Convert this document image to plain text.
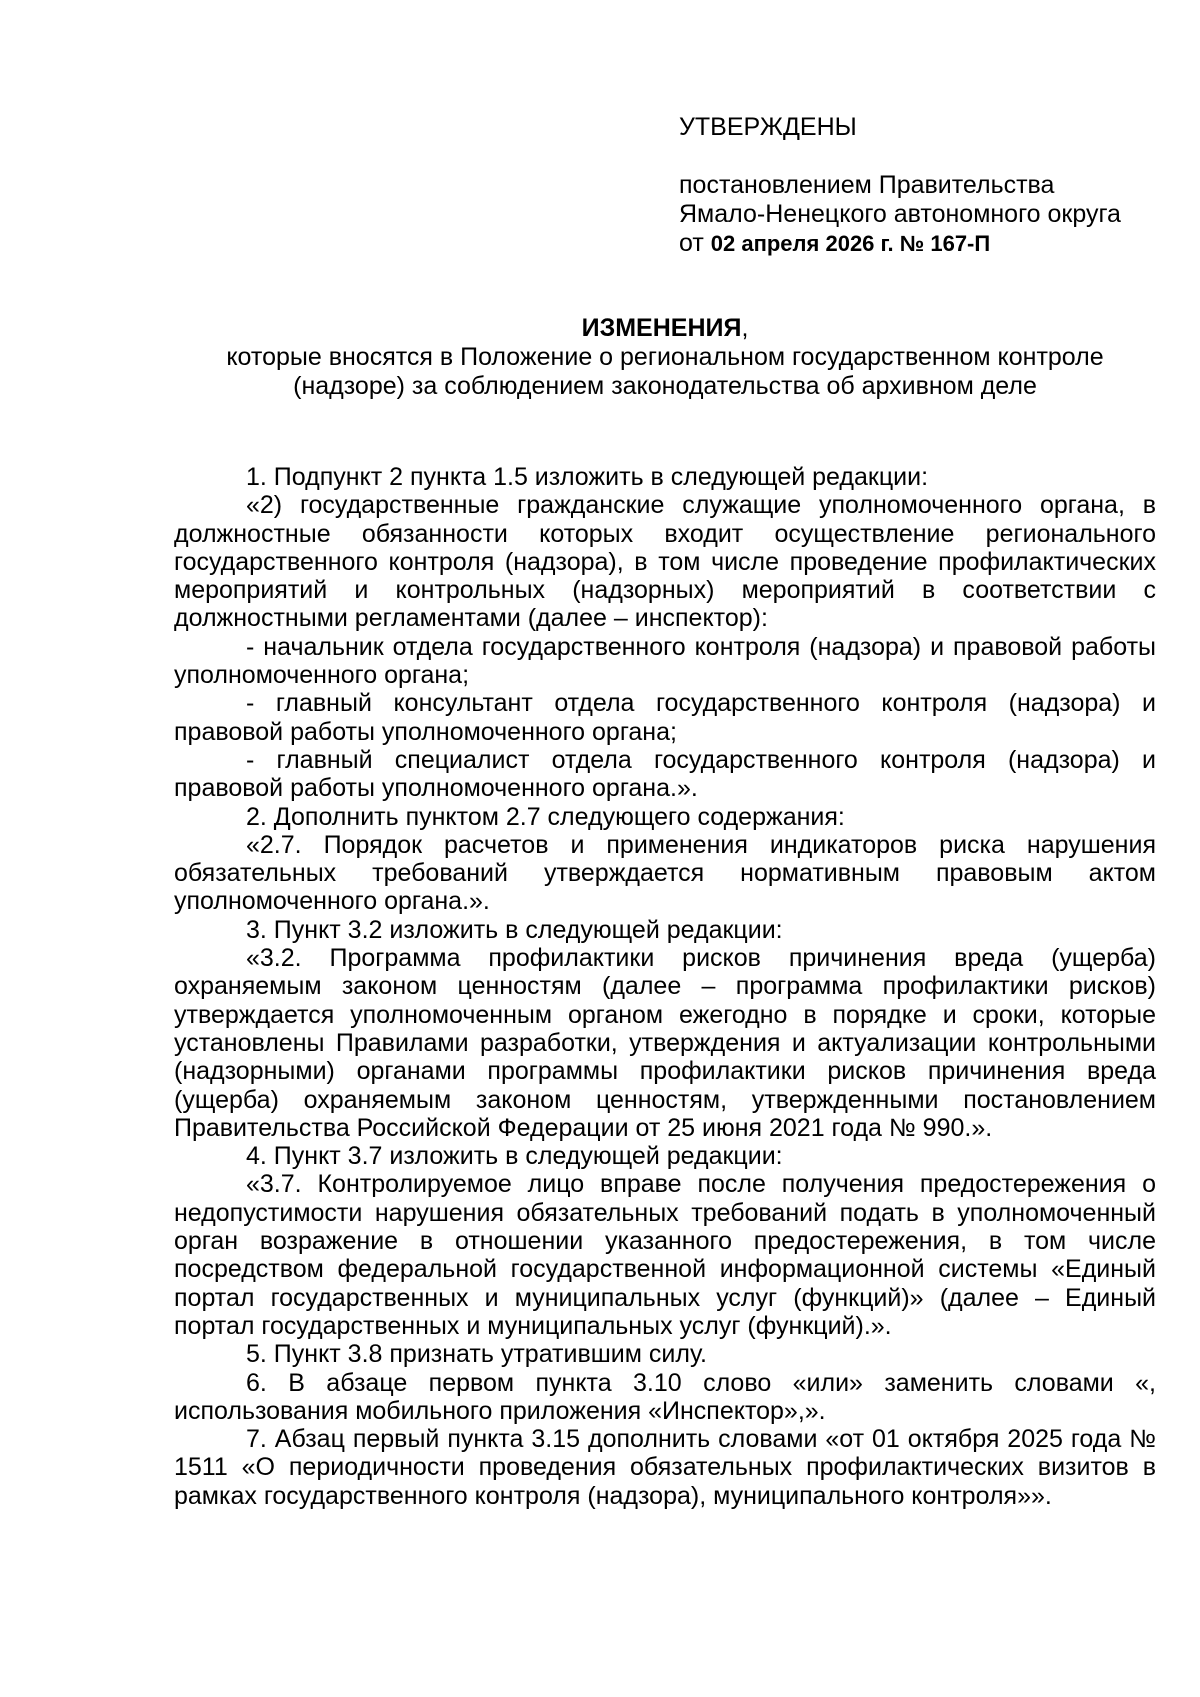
УТВЕРЖДЕНЫ
постановлением Правительства
Ямало-Ненецкого автономного округа
от 02 апреля 2026 г. № 167-П
ИЗМЕНЕНИЯ,
которые вносятся в Положение о региональном государственном контроле (надзоре) за соблюдением законодательства об архивном деле

1. Подпункт 2 пункта 1.5 изложить в следующей редакции:

«2) государственные гражданские служащие уполномоченного органа, в должностные обязанности которых входит осуществление регионального государственного контроля (надзора), в том числе проведение профилактических мероприятий и контрольных (надзорных) мероприятий в соответствии с должностными регламентами (далее – инспектор):

- начальник отдела государственного контроля (надзора) и правовой работы уполномоченного органа;

- главный консультант отдела государственного контроля (надзора) и правовой работы уполномоченного органа;

- главный специалист отдела государственного контроля (надзора) и правовой работы уполномоченного органа.».

2. Дополнить пунктом 2.7 следующего содержания:

«2.7. Порядок расчетов и применения индикаторов риска нарушения обязательных требований утверждается нормативным правовым актом уполномоченного органа.».

3. Пункт 3.2 изложить в следующей редакции:

«3.2. Программа профилактики рисков причинения вреда (ущерба) охраняемым законом ценностям (далее – программа профилактики рисков) утверждается уполномоченным органом ежегодно в порядке и сроки, которые установлены Правилами разработки, утверждения и актуализации контрольными (надзорными) органами программы профилактики рисков причинения вреда (ущерба) охраняемым законом ценностям, утвержденными постановлением Правительства Российской Федерации от 25 июня 2021 года № 990.».

4. Пункт 3.7 изложить в следующей редакции:

«3.7. Контролируемое лицо вправе после получения предостережения о недопустимости нарушения обязательных требований подать в уполномоченный орган возражение в отношении указанного предостережения, в том числе посредством федеральной государственной информационной системы «Единый портал государственных и муниципальных услуг (функций)» (далее – Единый портал государственных и муниципальных услуг (функций).».

5. Пункт 3.8 признать утратившим силу.

6. В абзаце первом пункта 3.10 слово «или» заменить словами «, использования мобильного приложения «Инспектор»,».

7. Абзац первый пункта 3.15 дополнить словами «от 01 октября 2025 года № 1511 «О периодичности проведения обязательных профилактических визитов в рамках государственного контроля (надзора), муниципального контроля»».
